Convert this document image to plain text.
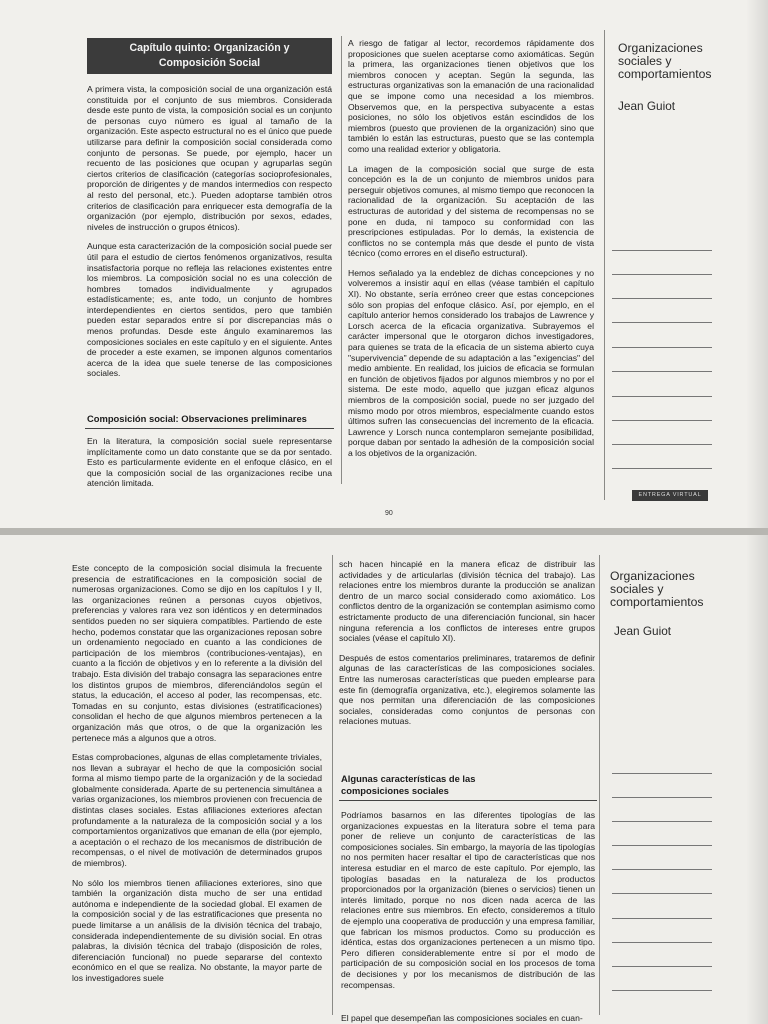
Capítulo quinto: Organización y
Composición Social

A primera vista, la composición social de una organización está constituida por el conjunto de sus miembros. Considerada desde este punto de vista, la composición social es un conjunto de personas cuyo número es igual al tamaño de la organización. Este aspecto estructural no es el único que puede utilizarse para definir la composición social considerada como conjunto de personas. Se puede, por ejemplo, hacer un recuento de las posiciones que ocupan y agruparlas según ciertos criterios de clasificación (categorías socioprofesionales, proporción de dirigentes y de mandos intermedios con respecto al resto del personal, etc.). Pueden adoptarse también otros criterios de clasificación para enriquecer esta demografía de la organización (por ejemplo, distribución por sexos, edades, niveles de instrucción o grupos étnicos).

Aunque esta caracterización de la composición social puede ser útil para el estudio de ciertos fenómenos organizativos, resulta insatisfactoria porque no refleja las relaciones existentes entre los miembros. La composición social no es una colección de hombres tomados individualmente y agrupados estadísticamente; es, ante todo, un conjunto de hombres interdependientes en ciertos sentidos, pero que también pueden estar separados entre sí por discrepancias más o menos profundas. Desde este ángulo examinaremos las composiciones sociales en este capítulo y en el siguiente. Antes de proceder a este examen, se imponen algunos comentarios acerca de la idea que suele tenerse de las composiciones sociales.

Composición social: Observaciones preliminares

En la literatura, la composición social suele representarse implícitamente como un dato constante que se da por sentado. Esto es particularmente evidente en el enfoque clásico, en el que la composición social de las organizaciones recibe una atención limitada.

A riesgo de fatigar al lector, recordemos rápidamente dos proposiciones que suelen aceptarse como axiomáticas. Según la primera, las organizaciones tienen objetivos que los miembros conocen y aceptan. Según la segunda, las estructuras organizativas son la emanación de una racionalidad que se impone como una necesidad a los miembros. Observemos que, en la perspectiva subyacente a estas posiciones, no sólo los objetivos están escindidos de los miembros (puesto que provienen de la organización) sino que también lo están las estructuras, puesto que se las contempla como una realidad exterior y obligatoria.

La imagen de la composición social que surge de esta concepción es la de un conjunto de miembros unidos para perseguir objetivos comunes, al mismo tiempo que reconocen la racionalidad de la organización. Su aceptación de las estructuras de autoridad y del sistema de recompensas no se pone en duda, ni tampoco su conformidad con las prescripciones estipuladas. Por lo demás, la existencia de conflictos no se contempla más que desde el punto de vista técnico (como errores en el diseño estructural).

Hemos señalado ya la endeblez de dichas concepciones y no volveremos a insistir aquí en ellas (véase también el capítulo XI). No obstante, sería erróneo creer que estas concepciones sólo son propias del enfoque clásico. Así, por ejemplo, en el capítulo anterior hemos considerado los trabajos de Lawrence y Lorsch acerca de la eficacia organizativa. Subrayemos el carácter impersonal que le otorgaron dichos investigadores, para quienes se trata de la eficacia de un sistema abierto cuya "supervivencia" depende de su adaptación a las "exigencias" del medio ambiente. En realidad, los juicios de eficacia se formulan en función de objetivos fijados por algunos miembros y no por el sistema. De este modo, aquello que juzgan eficaz algunos miembros de la composición social, puede no ser juzgado del mismo modo por otros miembros, especialmente cuando estos últimos sufren las consecuencias del incremento de la eficacia. Lawrence y Lorsch nunca contemplaron semejante posibilidad, porque daban por sentado la adhesión de la composición social a los objetivos de la organización.

90
Organizaciones
sociales y
comportamientos
Jean Guiot
ENTREGA VIRTUAL

Este concepto de la composición social disimula la frecuente presencia de estratificaciones en la composición social de numerosas organizaciones. Como se dijo en los capítulos I y II, las organizaciones reúnen a personas cuyos objetivos, preferencias y valores rara vez son idénticos y en determinados sentidos pueden no ser siquiera compatibles. Partiendo de este hecho, podemos constatar que las organizaciones reposan sobre un ordenamiento negociado en cuanto a las condiciones de participación de los miembros (contribuciones-ventajas), en cuanto a la ficción de objetivos y en lo referente a la división del trabajo. Esta división del trabajo consagra las separaciones entre los distintos grupos de miembros, diferenciándolos según el status, la educación, el acceso al poder, las recompensas, etc. Tomadas en su conjunto, estas divisiones (estratificaciones) consolidan el hecho de que algunos miembros pertenecen a la organización más que otros, o de que la organización les pertenece más a algunos que a otros.

Estas comprobaciones, algunas de ellas completamente triviales, nos llevan a subrayar el hecho de que la composición social forma al mismo tiempo parte de la organización y de la sociedad globalmente considerada. Aparte de su pertenencia simultánea a varias organizaciones, los miembros provienen con frecuencia de distintas clases sociales. Estas afiliaciones exteriores afectan profundamente a la naturaleza de la composición social y a los comportamientos organizativos que emanan de ella (por ejemplo, a aceptación o el rechazo de los mecanismos de distribución de recompensas, o el nivel de motivación de determinados grupos de miembros).

No sólo los miembros tienen afiliaciones exteriores, sino que también la organización dista mucho de ser una entidad autónoma e independiente de la sociedad global. El examen de la composición social y de las estratificaciones que presenta no puede limitarse a un análisis de la división técnica del trabajo, considerada independientemente de su división social. En otras palabras, la división técnica del trabajo (disposición de roles, diferenciación funcional) no puede separarse del contexto económico en el que se realiza. No obstante, la mayor parte de los investigadores suele

sch hacen hincapié en la manera eficaz de distribuir las actividades y de articularlas (división técnica del trabajo). Las relaciones entre los miembros durante la producción se analizan dentro de un marco social considerado como axiomático. Los conflictos dentro de la organización se contemplan asimismo como estrictamente producto de una diferenciación funcional, sin hacer ninguna referencia a los conflictos de intereses entre grupos sociales (véase el capítulo XI).

Después de estos comentarios preliminares, trataremos de definir algunas de las características de las composiciones sociales. Entre las numerosas características que pueden emplearse para este fin (demografía organizativa, etc.), elegiremos solamente las que nos permitan una diferenciación de las composiciones sociales, consideradas como conjuntos de personas con relaciones mutuas.

Algunas características de las
composiciones sociales

Podríamos basarnos en las diferentes tipologías de las organizaciones expuestas en la literatura sobre el tema para poner de relieve un conjunto de características de las composiciones sociales. Sin embargo, la mayoría de las tipologías no nos permiten hacer resaltar el tipo de características que nos interesa estudiar en el marco de este capítulo. Por ejemplo, las tipologías basadas en la naturaleza de los productos proporcionados por la organización (bienes o servicios) tienen un interés limitado, porque no nos dicen nada acerca de las relaciones entre sus miembros. En efecto, consideremos a título de ejemplo una cooperativa de producción y una empresa familiar, que fabrican los mismos productos. Como su producción es idéntica, estas dos organizaciones pertenecen a un mismo tipo. Pero difieren considerablemente entre sí por el modo de participación de su composición social en los procesos de toma de decisiones y por los mecanismos de distribución de las recompensas.

El papel que desempeñan las composiciones sociales en cuan-

Organizaciones
sociales y
comportamientos
Jean Guiot
